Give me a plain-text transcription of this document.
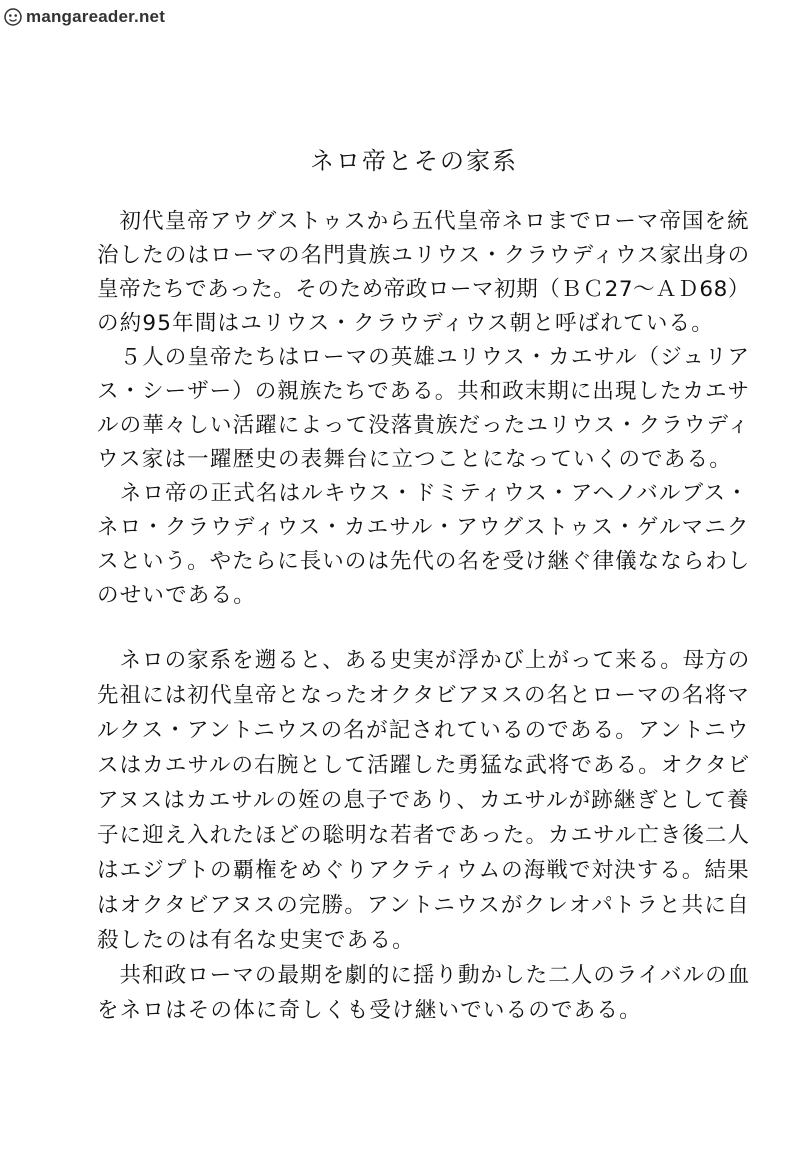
mangareader.net
ネロ帝とその家系
　初代皇帝アウグストゥスから五代皇帝ネロまでローマ帝国を統
治したのはローマの名門貴族ユリウス・クラウディウス家出身の
皇帝たちであった。そのため帝政ローマ初期（ＢＣ27〜ＡＤ68）
の約95年間はユリウス・クラウディウス朝と呼ばれている。
　５人の皇帝たちはローマの英雄ユリウス・カエサル（ジュリア
ス・シーザー）の親族たちである。共和政末期に出現したカエサ
ルの華々しい活躍によって没落貴族だったユリウス・クラウディ
ウス家は一躍歴史の表舞台に立つことになっていくのである。
　ネロ帝の正式名はルキウス・ドミティウス・アヘノバルブス・
ネロ・クラウディウス・カエサル・アウグストゥス・ゲルマニク
スという。やたらに長いのは先代の名を受け継ぐ律儀なならわし
のせいである。
　ネロの家系を遡ると、ある史実が浮かび上がって来る。母方の
先祖には初代皇帝となったオクタビアヌスの名とローマの名将マ
ルクス・アントニウスの名が記されているのである。アントニウ
スはカエサルの右腕として活躍した勇猛な武将である。オクタビ
アヌスはカエサルの姪の息子であり、カエサルが跡継ぎとして養
子に迎え入れたほどの聡明な若者であった。カエサル亡き後二人
はエジプトの覇権をめぐりアクティウムの海戦で対決する。結果
はオクタビアヌスの完勝。アントニウスがクレオパトラと共に自
殺したのは有名な史実である。
　共和政ローマの最期を劇的に揺り動かした二人のライバルの血
をネロはその体に奇しくも受け継いでいるのである。
